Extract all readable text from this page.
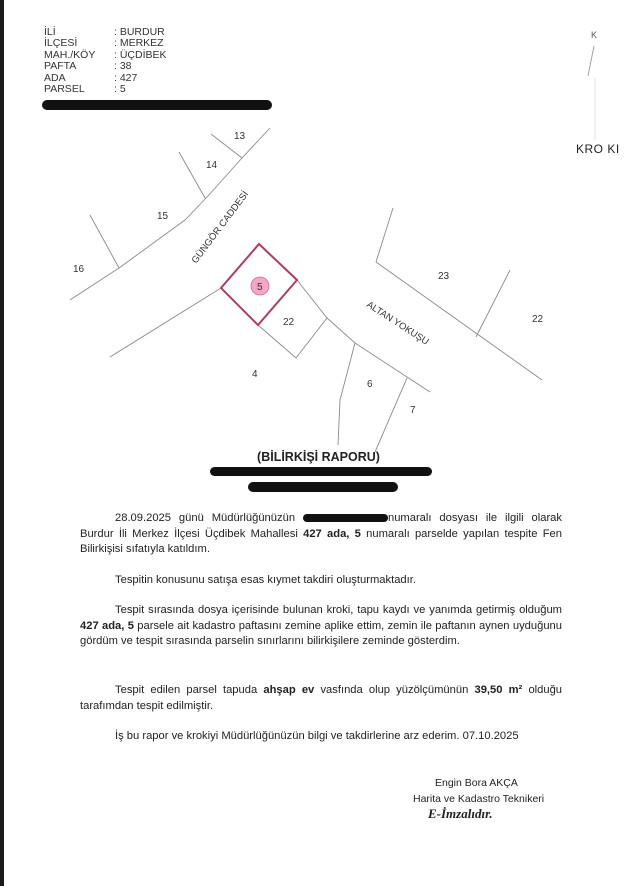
İLİ	: BURDUR
İLÇESİ	: MERKEZ
MAH./KÖY	: ÜÇDİBEK
PAFTA	: 38
ADA	: 427
PARSEL	: 5
K
KRO KI
5
13
14
15
16
22
4
23
22
6
7
GÜNGÖR CADDESİ
ALTAN YOKUŞU
(BİLİRKİŞİ RAPORU)

28.09.2025 günü Müdürlüğünüzün	numaralı dosyası ile ilgili olarak Burdur İli Merkez İlçesi Üçdibek Mahallesi 427 ada, 5 numaralı parselde yapılan tespite Fen Bilirkişisi sıfatıyla katıldım.

Tespitin konusunu satışa esas kıymet takdiri oluşturmaktadır.

Tespit sırasında dosya içerisinde bulunan kroki, tapu kaydı ve yanımda getirmiş olduğum 427 ada, 5 parsele ait kadastro paftasını zemine aplike ettim, zemin ile paftanın aynen uyduğunu gördüm ve tespit sırasında parselin sınırlarını bilirkişilere zeminde gösterdim.

Tespit edilen parsel tapuda ahşap ev vasfında olup yüzölçümünün 39,50 m² olduğu tarafımdan tespit edilmiştir.

İş bu rapor ve krokiyi Müdürlüğünüzün bilgi ve takdirlerine arz ederim. 07.10.2025

Engin Bora AKÇA
Harita ve Kadastro Teknikeri
E-İmzalıdır.
